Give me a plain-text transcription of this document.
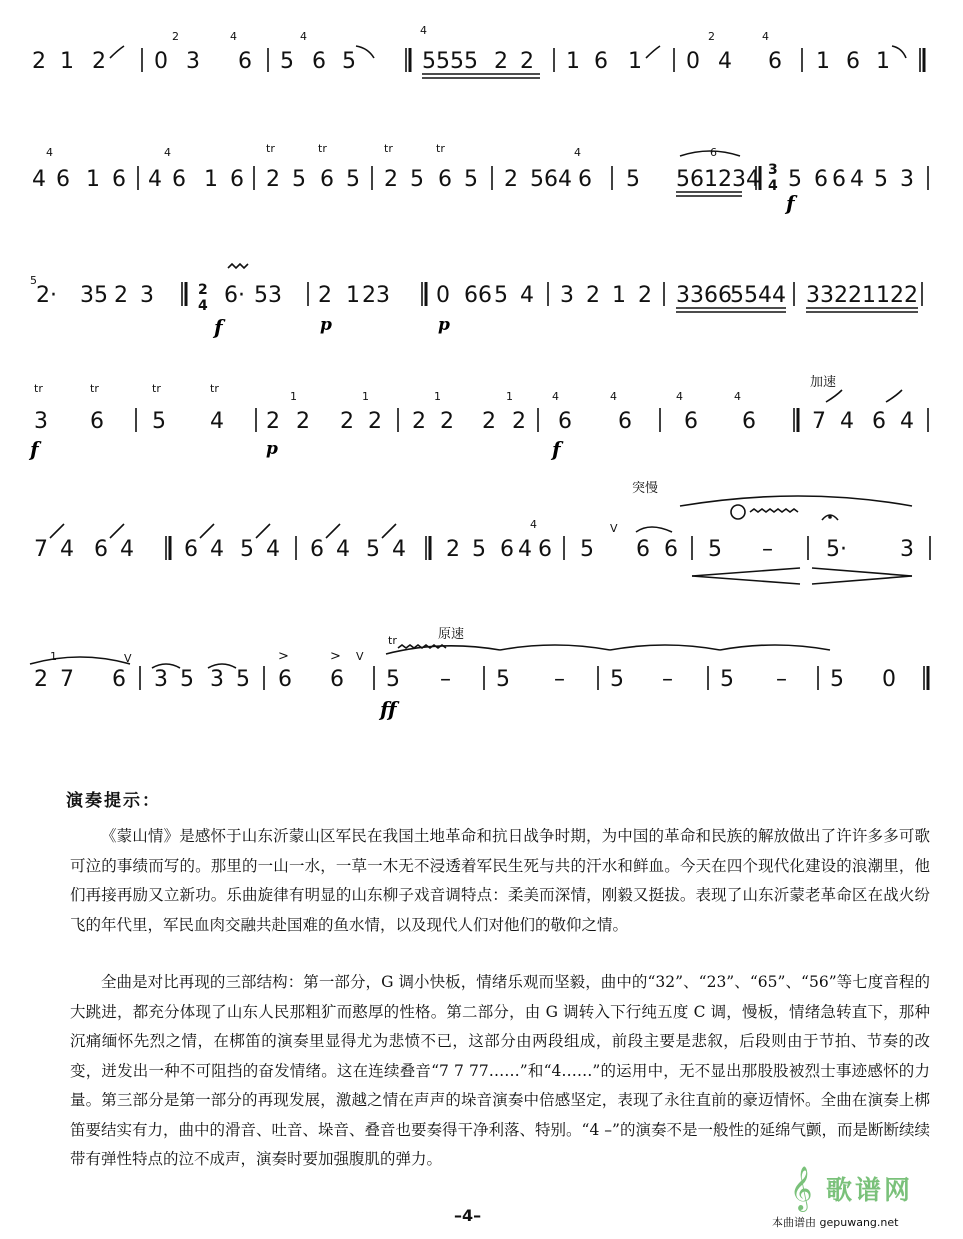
2 1 2 0 3 6 5 6 5	5555 2 2 1 6 1 0 4 6 1 6 1
2	4	4	4	2	4
4 6 1 6 4 6 1 6 2 5 6 5 2 5 6 5 2 5 6 4 6 5 56 1234 5 6 6 4 5 3
4	4	4	6
tr	tr	tr	tr
3
4
f
2· 35 2 3	6· 53 2 1 23 0 66 5 4 3 2 1 2 3366
5544 3322 1122
5
2
4
f	p	p
3 6 5 4 2 2 2 2 2 2 2 2 6 6 6 6	7 4 6 4
tr	tr	tr	tr
1	1	1	1	4	4	4	4
加速
f	p	f
7 4 6 4 6 4 5 4 6 4 5 4 2 5 6 4 6 5 6 6 5 – 5· 3
4
突慢
V
2 7 6 3 5 3 5 6 6 5 – 5 – 5 – 5 – 5 0
1	>	>
V	V
tr	原速
ff
演奏提示：
《蒙山情》是感怀于山东沂蒙山区军民在我国土地革命和抗日战争时期，为中国的革命和民族的解放做出了许许多多可歌可泣的事绩而写的。那里的一山一水，一草一木无不浸透着军民生死与共的汗水和鲜血。今天在四个现代化建设的浪潮里，他们再接再励又立新功。乐曲旋律有明显的山东柳子戏音调特点：柔美而深情，刚毅又挺拔。表现了山东沂蒙老革命区在战火纷飞的年代里，军民血肉交融共赴国难的鱼水情，以及现代人们对他们的敬仰之情。
全曲是对比再现的三部结构：第一部分，G 调小快板，情绪乐观而坚毅，曲中的“32”、“23”、“65”、“56”等七度音程的大跳进，都充分体现了山东人民那粗犷而憨厚的性格。第二部分，由 G 调转入下行纯五度 C 调，慢板，情绪急转直下，那种沉痛缅怀先烈之情，在梆笛的演奏里显得尤为悲愤不已，这部分由两段组成，前段主要是悲叙，后段则由于节拍、节奏的改变，迸发出一种不可阻挡的奋发情绪。这在连续叠音“7 7 77……”和“4……”的运用中，无不显出那股股被烈士事迹感怀的力量。第三部分是第一部分的再现发展，激越之情在声声的垛音演奏中倍感坚定，表现了永往直前的豪迈情怀。全曲在演奏上梆笛要结实有力，曲中的滑音、吐音、垛音、叠音也要奏得干净利落、特别。“4 –”的演奏不是一般性的延绵气颤，而是断断续续带有弹性特点的泣不成声，演奏时要加强腹肌的弹力。
–4–
𝄞 歌谱网
本曲谱由 gepuwang.net
